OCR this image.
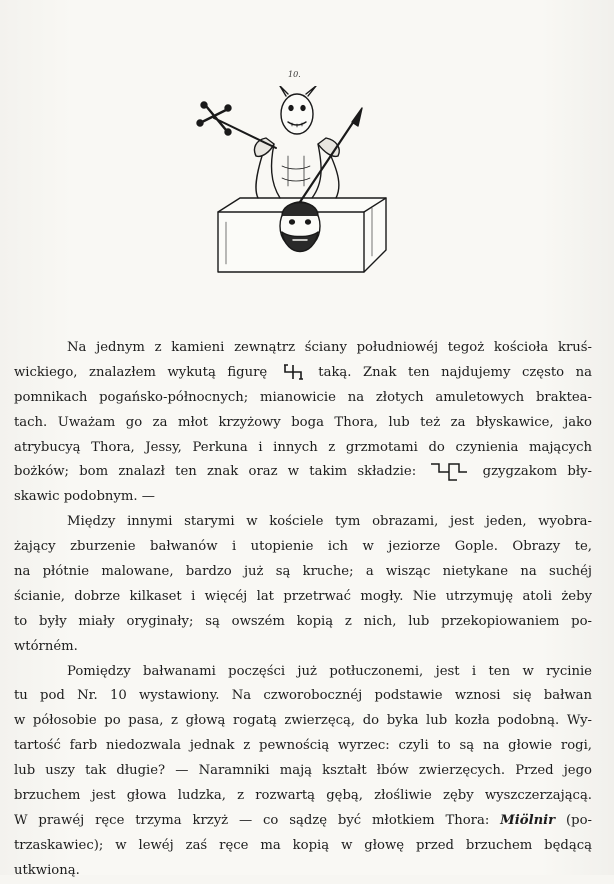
10.
Na jednym z kamieni zewnątrz ściany południowéj tegoż kościoła kruś-
wickiego, znalazłem wykutą figurę	taką. Znak ten najdujemy często na
pomnikach pogańsko-północnych; mianowicie na złotych amuletowych braktea-
tach. Uważam go za młot krzyżowy boga Thora, lub też za błyskawice, jako
atrybucyą Thora, Jessy, Perkuna i innych z grzmotami do czynienia mających
bożków; bom znalazł ten znak oraz w takim składzie:	gzygzakom bły-
skawic podobnym. —
Między innymi starymi w kościele tym obrazami, jest jeden, wyobra-
żający zburzenie bałwanów i utopienie ich w jeziorze Gople. Obrazy te,
na płótnie malowane, bardzo już są kruche; a wisząc nietykane na suchéj
ścianie, dobrze kilkaset i więcéj lat przetrwać mogły. Nie utrzymuję atoli żeby
to były miały oryginały; są owszém kopią z nich, lub przekopiowaniem po-
wtórném.
Pomiędzy bałwanami poczęści już potłuczonemi, jest i ten w rycinie
tu pod Nr. 10 wystawiony. Na czworobocznéj podstawie wznosi się bałwan
w półosobie po pasa, z głową rogatą zwierzęcą, do byka lub kozła podobną. Wy-
tartość farb niedozwala jednak z pewnością wyrzec: czyli to są na głowie rogi,
lub uszy tak długie? — Naramniki mają kształt łbów zwierzęcych. Przed jego
brzuchem jest głowa ludzka, z rozwartą gębą, złośliwie zęby wyszczerzającą.
W prawéj ręce trzyma krzyż — co sądzę być młotkiem Thora: Miölnir (po-
trzaskawiec); w lewéj zaś ręce ma kopią w głowę przed brzuchem będącą
utkwioną.
